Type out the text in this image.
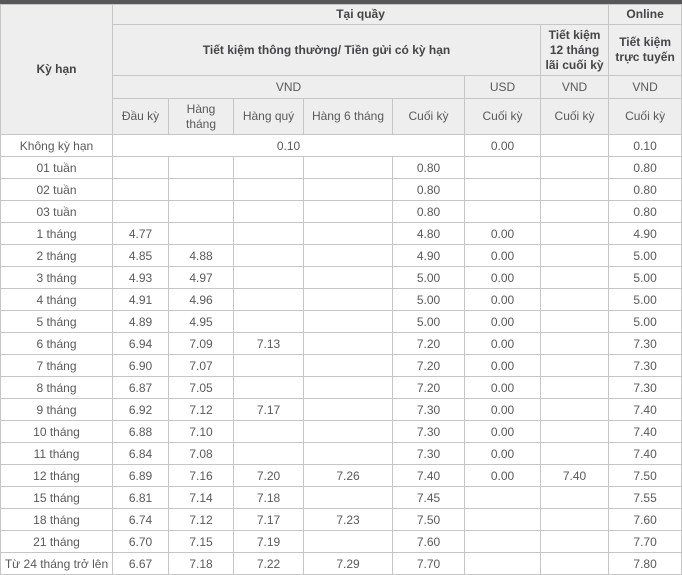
Kỳ hạn	Tại quầy							Online
	Tiết kiệm thông thường/ Tiền gửi có kỳ hạn						Tiết kiệm 12 tháng lãi cuối kỳ	Tiết kiệm trực tuyến
	VND					USD	VND	VND
	Đầu kỳ	Hàng tháng	Hàng quý	Hàng 6 tháng	Cuối kỳ	Cuối kỳ	Cuối kỳ	Cuối kỳ
Không kỳ hạn	0.10					0.00		0.10
01 tuần					0.80			0.80
02 tuần					0.80			0.80
03 tuần					0.80			0.80
1 tháng	4.77				4.80	0.00		4.90
2 tháng	4.85	4.88			4.90	0.00		5.00
3 tháng	4.93	4.97			5.00	0.00		5.00
4 tháng	4.91	4.96			5.00	0.00		5.00
5 tháng	4.89	4.95			5.00	0.00		5.00
6 tháng	6.94	7.09	7.13		7.20	0.00		7.30
7 tháng	6.90	7.07			7.20	0.00		7.30
8 tháng	6.87	7.05			7.20	0.00		7.30
9 tháng	6.92	7.12	7.17		7.30	0.00		7.40
10 tháng	6.88	7.10			7.30	0.00		7.40
11 tháng	6.84	7.08			7.30	0.00		7.40
12 tháng	6.89	7.16	7.20	7.26	7.40	0.00	7.40	7.50
15 tháng	6.81	7.14	7.18		7.45			7.55
18 tháng	6.74	7.12	7.17	7.23	7.50			7.60
21 tháng	6.70	7.15	7.19		7.60			7.70
Từ 24 tháng trở lên	6.67	7.18	7.22	7.29	7.70			7.80
